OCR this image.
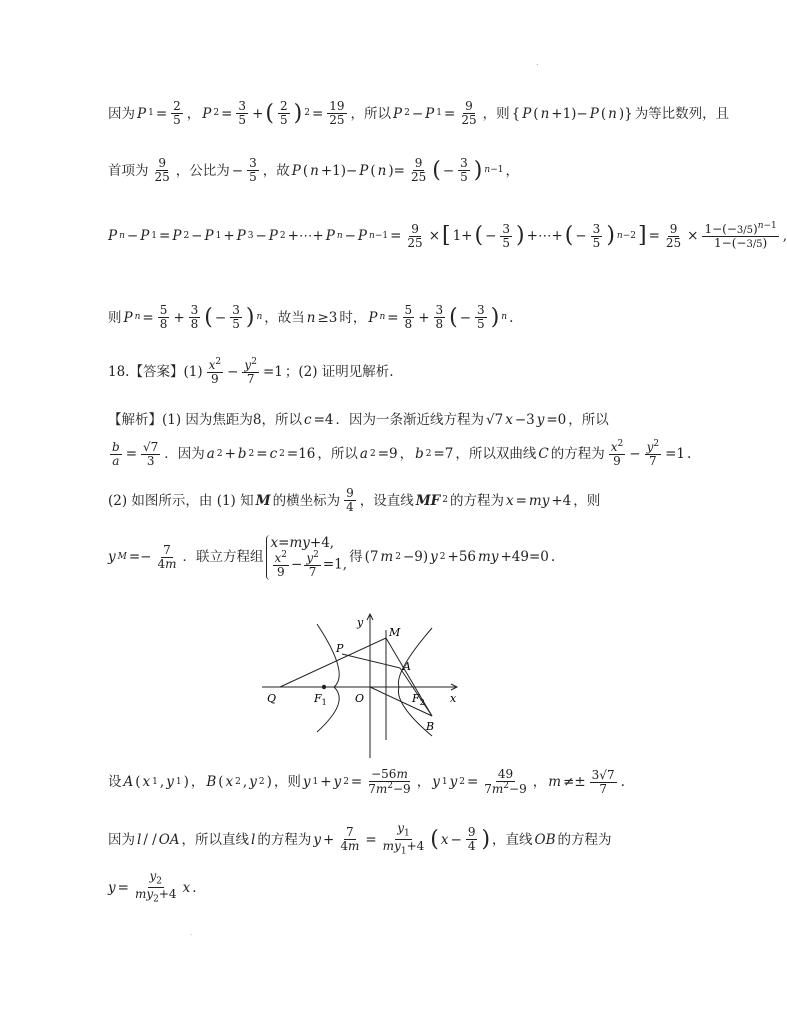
.
因为 P $1 = \frac{2}{5}$ ， P $2 = \frac{3}{5}$ + ( $\frac{2}{5}$ ) $2 = \frac{19}{25}$ ，所以 P 2 − P $1 = \frac{9}{25}$ ，则 { P ( n +1)− P ( n )} 为等比数列，且
首项为 $\frac{9}{25}$ ，公比为 − $\frac{3}{5}$ ，故 P ( n +1)− P ( n )= $\frac{9}{25}$ ( − $\frac{3}{5}$ ) n−1 ，
P n − P 1 = P 2 − P 1 + P 3 − P 2 +⋯+ P n − P $n-1 = \frac{9}{25}$ × [ 1+ ( − $\frac{3}{5}$ ) +⋯+ ( − $\frac{3}{5}$ ) n−2 ] = $\frac{9}{25} \times \frac{1-(-3/5)^{n-1}}{1-(-3/5)}$ ,
则 P $n = \frac{5}{8} + \frac{3}{8}$ ( − $\frac{3}{5}$ ) n ，故当 n ≥3 时， P $n = \frac{5}{8} + \frac{3}{8}$ ( − $\frac{3}{5}$ ) n .
18.【答案】$(1) \frac{x^2}{9} - \frac{y^2}{7} =1$ ；(2) 证明见解析.
【解析】(1) 因为焦距为8，所以 c =4 ．因为一条渐近线方程为 √7 x −3 y =0 ，所以
$\frac{b}{a} = \frac{√7}{3}$ ．因为 a 2 + b 2 = c 2 =16 ，所以 a 2 =9 ， b 2 =7 ，所以双曲线 C 的方程为 $\frac{x^2}{9} - \frac{y^2}{7} =1$ .
(2) 如图所示，由 (1) 知 M 的横坐标为 $\frac{9}{4}$ ，设直线 MF 2 的方程为 x = my +4 ，则
y $M =- \frac{7}{4m}$ ．联立方程组
x=my+4,
$\frac{x^2}{9} - \frac{y^2}{7} =1$, 得 (7 m 2 −9) y 2 +56 my +49=0 .
y
M
P
A
Q	$F_1$	O	$F_2$ x
B
设 A ( x 1 , y 1 ) ， B ( x 2 , y 2 ) ，则 y 1 + y $2 = \frac{-56m}{7m^2-9}$ ， y 1 y $2 = \frac{49}{7m^2-9}$ ， $m \ne\pm \frac{3√7}{7}$ .
因为 l / / OA ，所以直线 l 的方程为 $y + \frac{7}{4m} = \frac{y_1}{my_1+4}$ ( $x - \frac{9}{4}$ ) ，直线 OB 的方程为
$y = \frac{y_2}{my_2+4}$ x .
.
